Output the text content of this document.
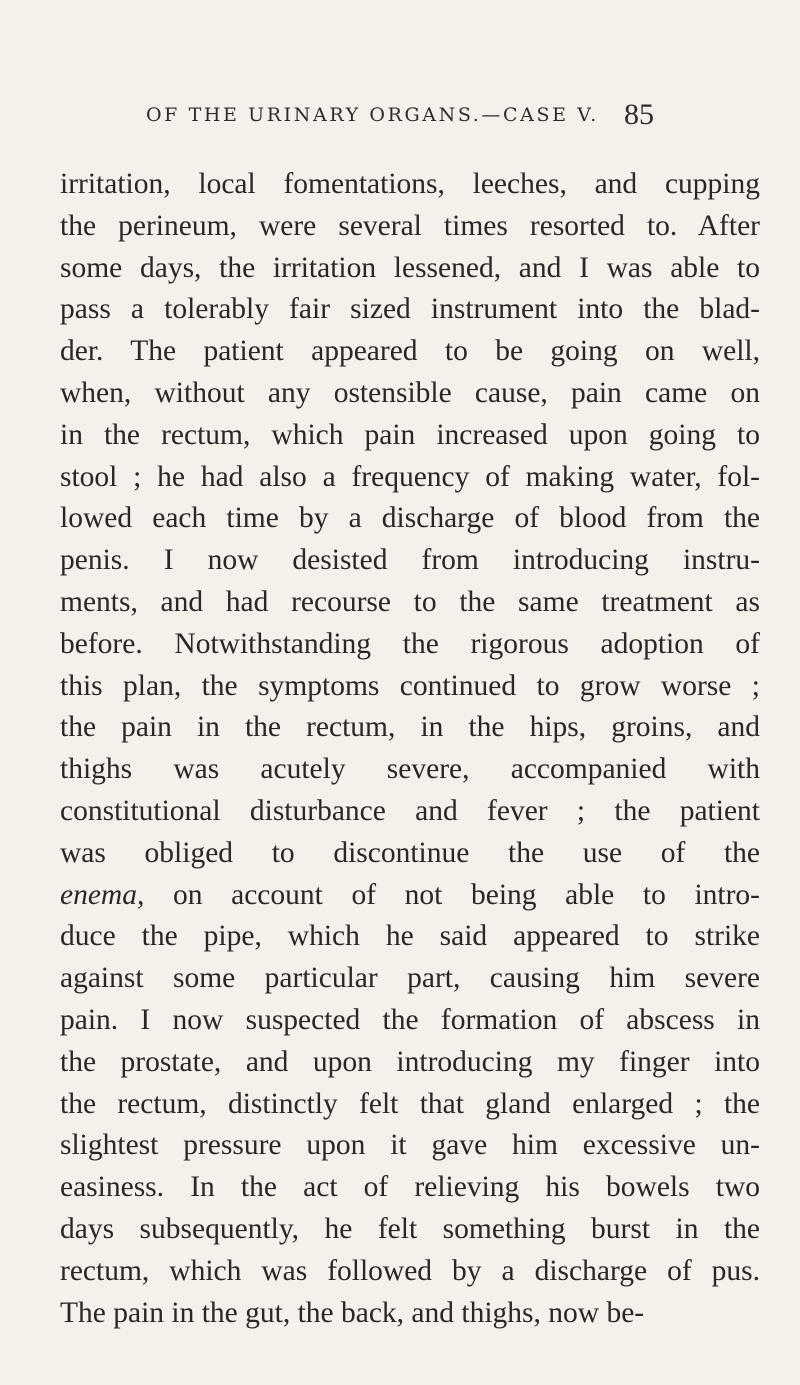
OF THE URINARY ORGANS.—CASE V. 85
irritation, local fomentations, leeches, and cupping
the perineum, were several times resorted to. After
some days, the irritation lessened, and I was able to
pass a tolerably fair sized instrument into the blad-
der. The patient appeared to be going on well,
when, without any ostensible cause, pain came on
in the rectum, which pain increased upon going to
stool ; he had also a frequency of making water, fol-
lowed each time by a discharge of blood from the
penis. I now desisted from introducing instru-
ments, and had recourse to the same treatment as
before. Notwithstanding the rigorous adoption of
this plan, the symptoms continued to grow worse ;
the pain in the rectum, in the hips, groins, and
thighs was acutely severe, accompanied with
constitutional disturbance and fever ; the patient
was obliged to discontinue the use of the
enema, on account of not being able to intro-
duce the pipe, which he said appeared to strike
against some particular part, causing him severe
pain. I now suspected the formation of abscess in
the prostate, and upon introducing my finger into
the rectum, distinctly felt that gland enlarged ; the
slightest pressure upon it gave him excessive un-
easiness. In the act of relieving his bowels two
days subsequently, he felt something burst in the
rectum, which was followed by a discharge of pus.
The pain in the gut, the back, and thighs, now be-
